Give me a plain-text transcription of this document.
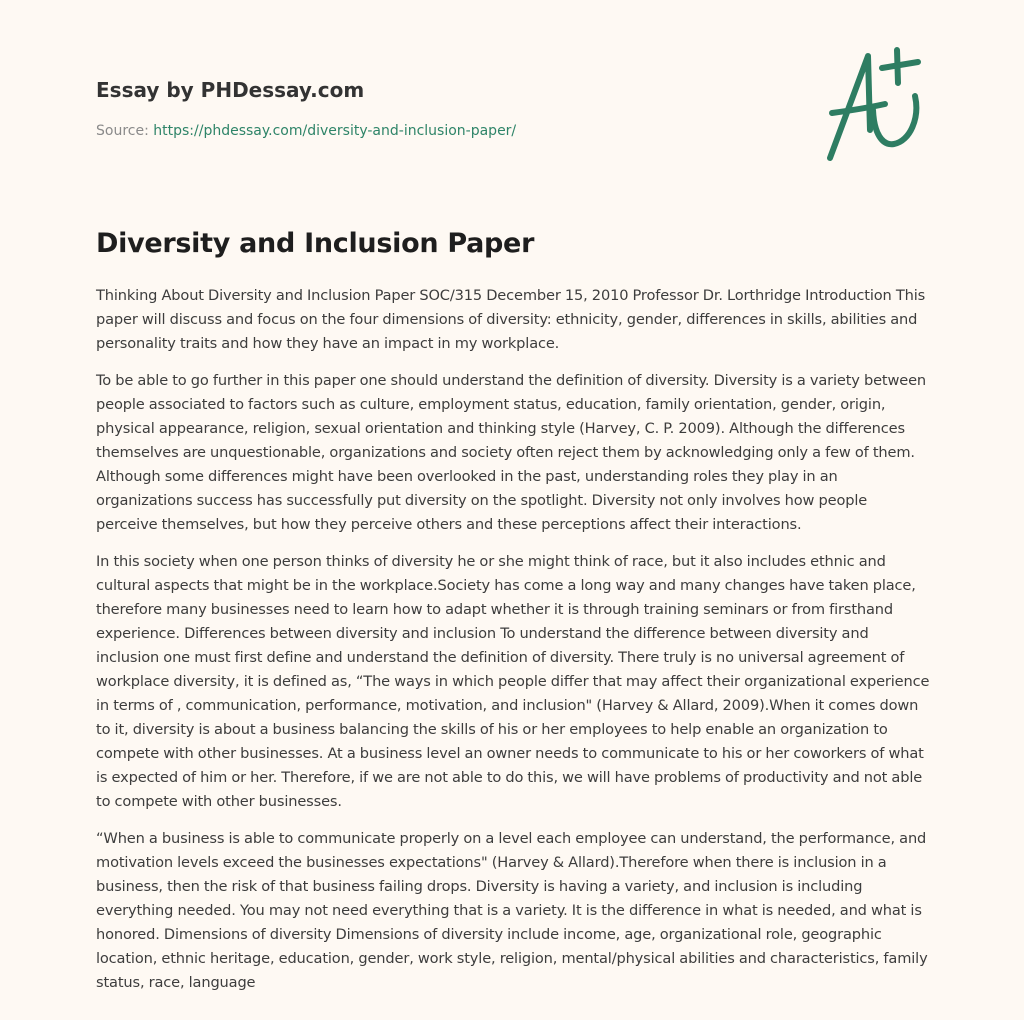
Essay by PHDessay.com
Source: https://phdessay.com/diversity-and-inclusion-paper/
Diversity and Inclusion Paper

Thinking About Diversity and Inclusion Paper SOC/315 December 15, 2010 Professor Dr. Lorthridge Introduction This paper will discuss and focus on the four dimensions of diversity: ethnicity, gender, differences in skills, abilities and personality traits and how they have an impact in my workplace.

To be able to go further in this paper one should understand the definition of diversity. Diversity is a variety between people associated to factors such as culture, employment status, education, family orientation, gender, origin, physical appearance, religion, sexual orientation and thinking style (Harvey, C. P. 2009). Although the differences themselves are unquestionable, organizations and society often reject them by acknowledging only a few of them. Although some differences might have been overlooked in the past, understanding roles they play in an organizations success has successfully put diversity on the spotlight. Diversity not only involves how people perceive themselves, but how they perceive others and these perceptions affect their interactions.

In this society when one person thinks of diversity he or she might think of race, but it also includes ethnic and cultural aspects that might be in the workplace.Society has come a long way and many changes have taken place, therefore many businesses need to learn how to adapt whether it is through training seminars or from firsthand experience. Differences between diversity and inclusion To understand the difference between diversity and inclusion one must first define and understand the definition of diversity. There truly is no universal agreement of workplace diversity, it is defined as, “The ways in which people differ that may affect their organizational experience in terms of , communication, performance, motivation, and inclusion" (Harvey & Allard, 2009).When it comes down to it, diversity is about a business balancing the skills of his or her employees to help enable an organization to compete with other businesses. At a business level an owner needs to communicate to his or her coworkers of what is expected of him or her. Therefore, if we are not able to do this, we will have problems of productivity and not able to compete with other businesses.

“When a business is able to communicate properly on a level each employee can understand, the performance, and motivation levels exceed the businesses expectations" (Harvey & Allard).Therefore when there is inclusion in a business, then the risk of that business failing drops. Diversity is having a variety, and inclusion is including everything needed. You may not need everything that is a variety. It is the difference in what is needed, and what is honored. Dimensions of diversity Dimensions of diversity include income, age, organizational role, geographic location, ethnic heritage, education, gender, work style, religion, mental/physical abilities and characteristics, family status, race, language
